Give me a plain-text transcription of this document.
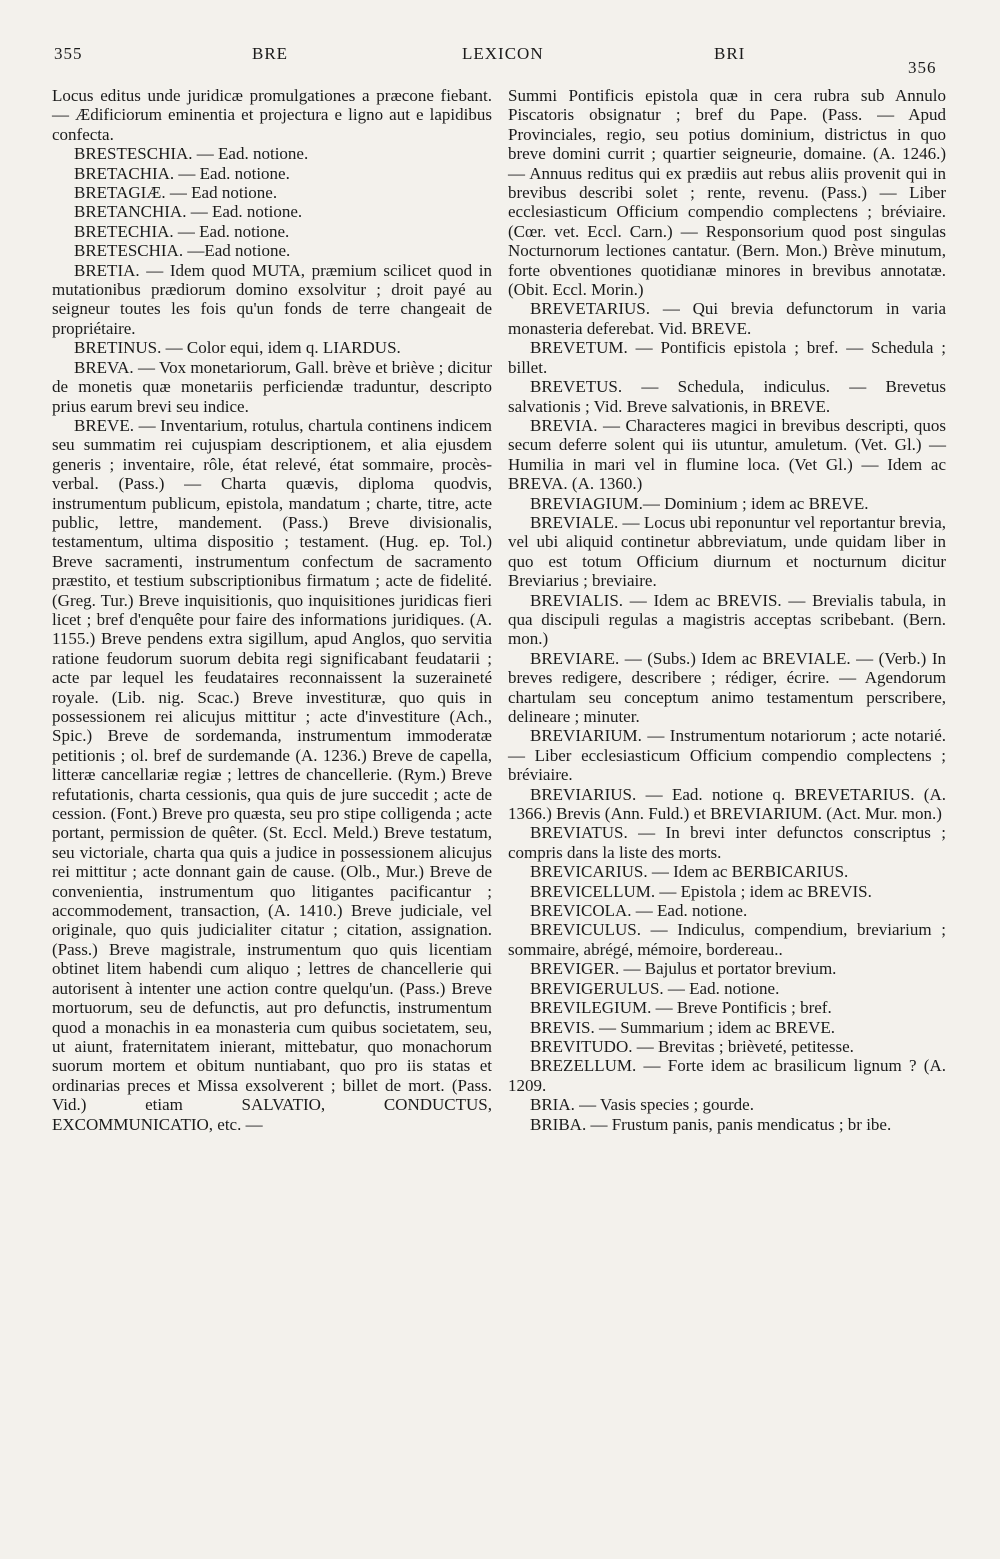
355	BRE	LEXICON	BRI
356

Locus editus unde juridicæ promulgationes a præcone fiebant. — Ædificiorum eminentia et projectura e ligno aut e lapidibus confecta.

BRESTESCHIA. — Ead. notione.

BRETACHIA. — Ead. notione.

BRETAGIÆ. — Ead notione.

BRETANCHIA. — Ead. notione.

BRETECHIA. — Ead. notione.

BRETESCHIA. —Ead notione.

BRETIA. — Idem quod MUTA, præmium scilicet quod in mutationibus prædiorum domino exsolvitur ; droit payé au seigneur toutes les fois qu'un fonds de terre changeait de propriétaire.

BRETINUS. — Color equi, idem q. LIARDUS.

BREVA. — Vox monetariorum, Gall. brève et briève ; dicitur de monetis quæ monetariis perficiendæ traduntur, descripto prius earum brevi seu indice.

BREVE. — Inventarium, rotulus, chartula continens indicem seu summatim rei cujuspiam descriptionem, et alia ejusdem generis ; inventaire, rôle, état relevé, état sommaire, procès-verbal. (Pass.) — Charta quævis, diploma quodvis, instrumentum publicum, epistola, mandatum ; charte, titre, acte public, lettre, mandement. (Pass.) Breve divisionalis, testamentum, ultima dispositio ; testament. (Hug. ep. Tol.) Breve sacramenti, instrumentum confectum de sacramento præstito, et testium subscriptionibus firmatum ; acte de fidelité. (Greg. Tur.) Breve inquisitionis, quo inquisitiones juridicas fieri licet ; bref d'enquête pour faire des informations juridiques. (A. 1155.) Breve pendens extra sigillum, apud Anglos, quo servitia ratione feudorum suorum debita regi significabant feudatarii ; acte par lequel les feudataires reconnaissent la suzeraineté royale. (Lib. nig. Scac.) Breve investituræ, quo quis in possessionem rei alicujus mittitur ; acte d'investiture (Ach., Spic.) Breve de sordemanda, instrumentum immoderatæ petitionis ; ol. bref de surdemande (A. 1236.) Breve de capella, litteræ cancellariæ regiæ ; lettres de chancellerie. (Rym.) Breve refutationis, charta cessionis, qua quis de jure succedit ; acte de cession. (Font.) Breve pro quæsta, seu pro stipe colligenda ; acte portant, permission de quêter. (St. Eccl. Meld.) Breve testatum, seu victoriale, charta qua quis a judice in possessionem alicujus rei mittitur ; acte donnant gain de cause. (Olb., Mur.) Breve de convenientia, instrumentum quo litigantes pacificantur ; accommodement, transaction, (A. 1410.) Breve judiciale, vel originale, quo quis judicialiter citatur ; citation, assignation. (Pass.) Breve magistrale, instrumentum quo quis licentiam obtinet litem habendi cum aliquo ; lettres de chancellerie qui autorisent à intenter une action contre quelqu'un. (Pass.) Breve mortuorum, seu de defunctis, aut pro defunctis, instrumentum quod a monachis in ea monasteria cum quibus societatem, seu, ut aiunt, fraternitatem inierant, mittebatur, quo monachorum suorum mortem et obitum nuntiabant, quo pro iis statas et ordinarias preces et Missa exsolverent ; billet de mort. (Pass. Vid.) etiam SALVATIO, CONDUCTUS, EXCOMMUNICATIO, etc. —

Summi Pontificis epistola quæ in cera rubra sub Annulo Piscatoris obsignatur ; bref du Pape. (Pass. — Apud Provinciales, regio, seu potius dominium, districtus in quo breve domini currit ; quartier seigneurie, domaine. (A. 1246.) — Annuus reditus qui ex prædiis aut rebus aliis provenit qui in brevibus describi solet ; rente, revenu. (Pass.) — Liber ecclesiasticum Officium compendio complectens ; bréviaire. (Cœr. vet. Eccl. Carn.) — Responsorium quod post singulas Nocturnorum lectiones cantatur. (Bern. Mon.) Brève minutum, forte obventiones quotidianæ minores in brevibus annotatæ. (Obit. Eccl. Morin.)

BREVETARIUS. — Qui brevia defunctorum in varia monasteria deferebat. Vid. BREVE.

BREVETUM. — Pontificis epistola ; bref. — Schedula ; billet.

BREVETUS. — Schedula, indiculus. — Brevetus salvationis ; Vid. Breve salvationis, in BREVE.

BREVIA. — Characteres magici in brevibus descripti, quos secum deferre solent qui iis utuntur, amuletum. (Vet. Gl.) — Humilia in mari vel in flumine loca. (Vet Gl.) — Idem ac BREVA. (A. 1360.)

BREVIAGIUM.— Dominium ; idem ac BREVE.

BREVIALE. — Locus ubi reponuntur vel reportantur brevia, vel ubi aliquid continetur abbreviatum, unde quidam liber in quo est totum Officium diurnum et nocturnum dicitur Breviarius ; breviaire.

BREVIALIS. — Idem ac BREVIS. — Brevialis tabula, in qua discipuli regulas a magistris acceptas scribebant. (Bern. mon.)

BREVIARE. — (Subs.) Idem ac BREVIALE. — (Verb.) In breves redigere, describere ; rédiger, écrire. — Agendorum chartulam seu conceptum animo testamentum perscribere, delineare ; minuter.

BREVIARIUM. — Instrumentum notariorum ; acte notarié. — Liber ecclesiasticum Officium compendio complectens ; bréviaire.

BREVIARIUS. — Ead. notione q. BREVETARIUS. (A. 1366.) Brevis (Ann. Fuld.) et BREVIARIUM. (Act. Mur. mon.)

BREVIATUS. — In brevi inter defunctos conscriptus ; compris dans la liste des morts.

BREVICARIUS. — Idem ac BERBICARIUS.

BREVICELLUM. — Epistola ; idem ac BREVIS.

BREVICOLA. — Ead. notione.

BREVICULUS. — Indiculus, compendium, breviarium ; sommaire, abrégé, mémoire, bordereau..

BREVIGER. — Bajulus et portator brevium.

BREVIGERULUS. — Ead. notione.

BREVILEGIUM. — Breve Pontificis ; bref.

BREVIS. — Summarium ; idem ac BREVE.

BREVITUDO. — Brevitas ; brièveté, petitesse.

BREZELLUM. — Forte idem ac brasilicum lignum ? (A. 1209.

BRIA. — Vasis species ; gourde.

BRIBA. — Frustum panis, panis mendicatus ; br ibe.
